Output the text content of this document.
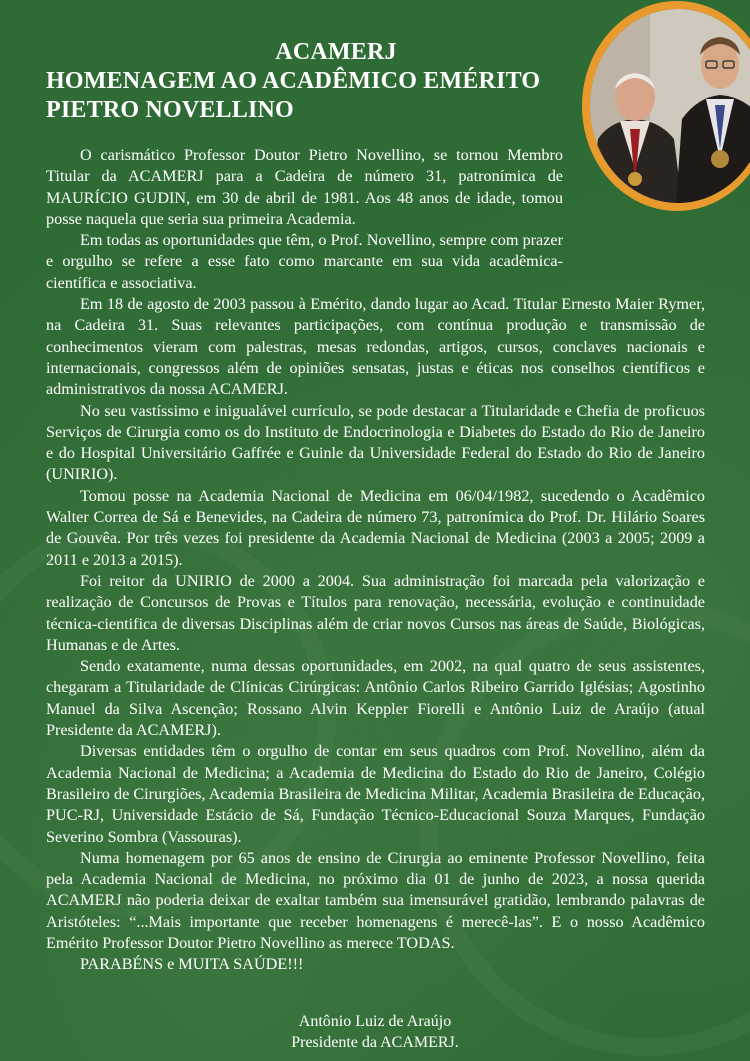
ACAMERJ
HOMENAGEM AO ACADÊMICO EMÉRITO
PIETRO NOVELLINO

O carismático Professor Doutor Pietro Novellino, se tornou Membro Titular da ACAMERJ para a Cadeira de número 31, patronímica de MAURÍCIO GUDIN, em 30 de abril de 1981. Aos 48 anos de idade, tomou posse naquela que seria sua primeira Academia.

Em todas as oportunidades que têm, o Prof. Novellino, sempre com prazer e orgulho se refere a esse fato como marcante em sua vida acadêmica- científica e associativa.

Em 18 de agosto de 2003 passou à Emérito, dando lugar ao Acad. Titular Ernesto Maier Rymer, na Cadeira 31. Suas relevantes participações, com contínua produção e transmissão de conhecimentos vieram com palestras, mesas redondas, artigos, cursos, conclaves nacionais e internacionais, congressos além de opiniões sensatas, justas e éticas nos conselhos científicos e administrativos da nossa ACAMERJ.

No seu vastíssimo e inigualável currículo, se pode destacar a Titularidade e Chefia de proficuos Serviços de Cirurgia como os do Instituto de Endocrinologia e Diabetes do Estado do Rio de Janeiro e do Hospital Universitário Gaffrée e Guinle da Universidade Federal do Estado do Rio de Janeiro (UNIRIO).

Tomou posse na Academia Nacional de Medicina em 06/04/1982, sucedendo o Acadêmico Walter Correa de Sá e Benevides, na Cadeira de número 73, patronímica do Prof. Dr. Hilário Soares de Gouvêa. Por três vezes foi presidente da Academia Nacional de Medicina (2003 a 2005; 2009 a 2011 e 2013 a 2015).

Foi reitor da UNIRIO de 2000 a 2004. Sua administração foi marcada pela valorização e realização de Concursos de Provas e Títulos para renovação, necessária, evolução e continuidade técnica-cientifica de diversas Disciplinas além de criar novos Cursos nas áreas de Saúde, Biológicas, Humanas e de Artes.

Sendo exatamente, numa dessas oportunidades, em 2002, na qual quatro de seus assistentes, chegaram a Titularidade de Clínicas Cirúrgicas: Antônio Carlos Ribeiro Garrido Iglésias; Agostinho Manuel da Silva Ascenção; Rossano Alvin Keppler Fiorelli e Antônio Luiz de Araújo (atual Presidente da ACAMERJ).

Diversas entidades têm o orgulho de contar em seus quadros com Prof. Novellino, além da Academia Nacional de Medicina; a Academia de Medicina do Estado do Rio de Janeiro, Colégio Brasileiro de Cirurgiões, Academia Brasileira de Medicina Militar, Academia Brasileira de Educação, PUC-RJ, Universidade Estácio de Sá, Fundação Técnico-Educacional Souza Marques, Fundação Severino Sombra (Vassouras).

Numa homenagem por 65 anos de ensino de Cirurgia ao eminente Professor Novellino, feita pela Academia Nacional de Medicina, no próximo dia 01 de junho de 2023, a nossa querida ACAMERJ não poderia deixar de exaltar também sua imensurável gratidão, lembrando palavras de Aristóteles: “...Mais importante que receber homenagens é merecê-las”. E o nosso Acadêmico Emérito Professor Doutor Pietro Novellino as merece TODAS.

PARABÉNS e MUITA SAÚDE!!!

Antônio Luiz de Araújo
Presidente da ACAMERJ.
